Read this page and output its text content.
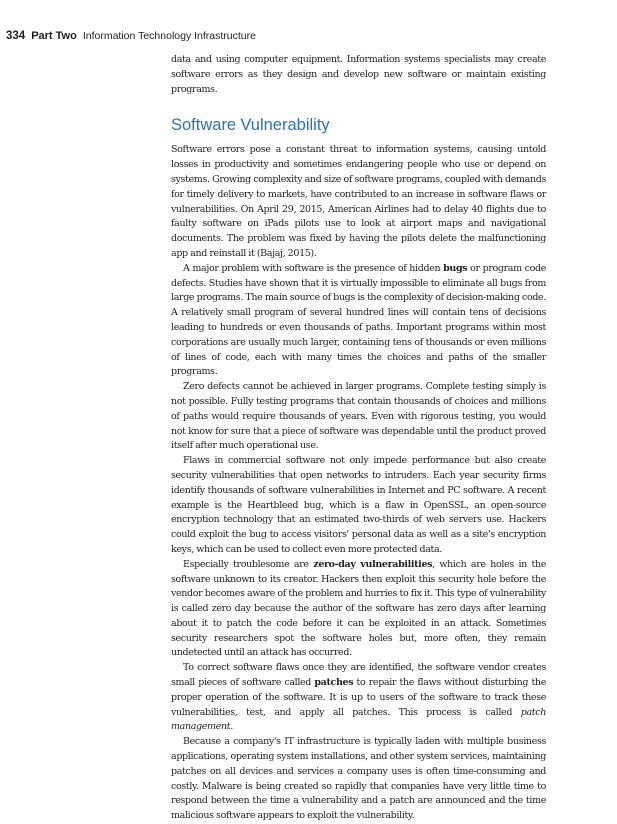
334 Part Two Information Technology Infrastructure

data and using computer equipment. Information systems specialists may create software errors as they design and develop new software or maintain existing programs.

Software Vulnerability

Software errors pose a constant threat to information systems, causing untold losses in productivity and sometimes endangering people who use or depend on systems. Growing complexity and size of software programs, coupled with demands for timely delivery to markets, have contributed to an increase in software flaws or vulnerabilities. On April 29, 2015, American Airlines had to delay 40 flights due to faulty software on iPads pilots use to look at airport maps and navigational documents. The problem was fixed by having the pilots delete the malfunctioning app and reinstall it (Bajaj, 2015).

A major problem with software is the presence of hidden bugs or program code defects. Studies have shown that it is virtually impossible to eliminate all bugs from large programs. The main source of bugs is the complexity of decision-making code. A relatively small program of several hundred lines will contain tens of decisions leading to hundreds or even thousands of paths. Important programs within most corporations are usually much larger, containing tens of thousands or even millions of lines of code, each with many times the choices and paths of the smaller programs.

Zero defects cannot be achieved in larger programs. Complete testing simply is not possible. Fully testing programs that contain thousands of choices and millions of paths would require thousands of years. Even with rigorous testing, you would not know for sure that a piece of software was dependable until the product proved itself after much operational use.

Flaws in commercial software not only impede performance but also create security vulnerabilities that open networks to intruders. Each year security firms identify thousands of software vulnerabilities in Internet and PC software. A recent example is the Heartbleed bug, which is a flaw in OpenSSL, an open-source encryption technology that an estimated two-thirds of web servers use. Hackers could exploit the bug to access visitors' personal data as well as a site's encryption keys, which can be used to collect even more protected data.

Especially troublesome are zero-day vulnerabilities, which are holes in the software unknown to its creator. Hackers then exploit this security hole before the vendor becomes aware of the problem and hurries to fix it. This type of vulnerability is called zero day because the author of the software has zero days after learning about it to patch the code before it can be exploited in an attack. Sometimes security researchers spot the software holes but, more often, they remain undetected until an attack has occurred.

To correct software flaws once they are identified, the software vendor creates small pieces of software called patches to repair the flaws without disturbing the proper operation of the software. It is up to users of the software to track these vulnerabilities, test, and apply all patches. This process is called patch management.

Because a company's IT infrastructure is typically laden with multiple business applications, operating system installations, and other system services, maintaining patches on all devices and services a company uses is often time-consuming and costly. Malware is being created so rapidly that companies have very little time to respond between the time a vulnerability and a patch are announced and the time malicious software appears to exploit the vulnerability.
